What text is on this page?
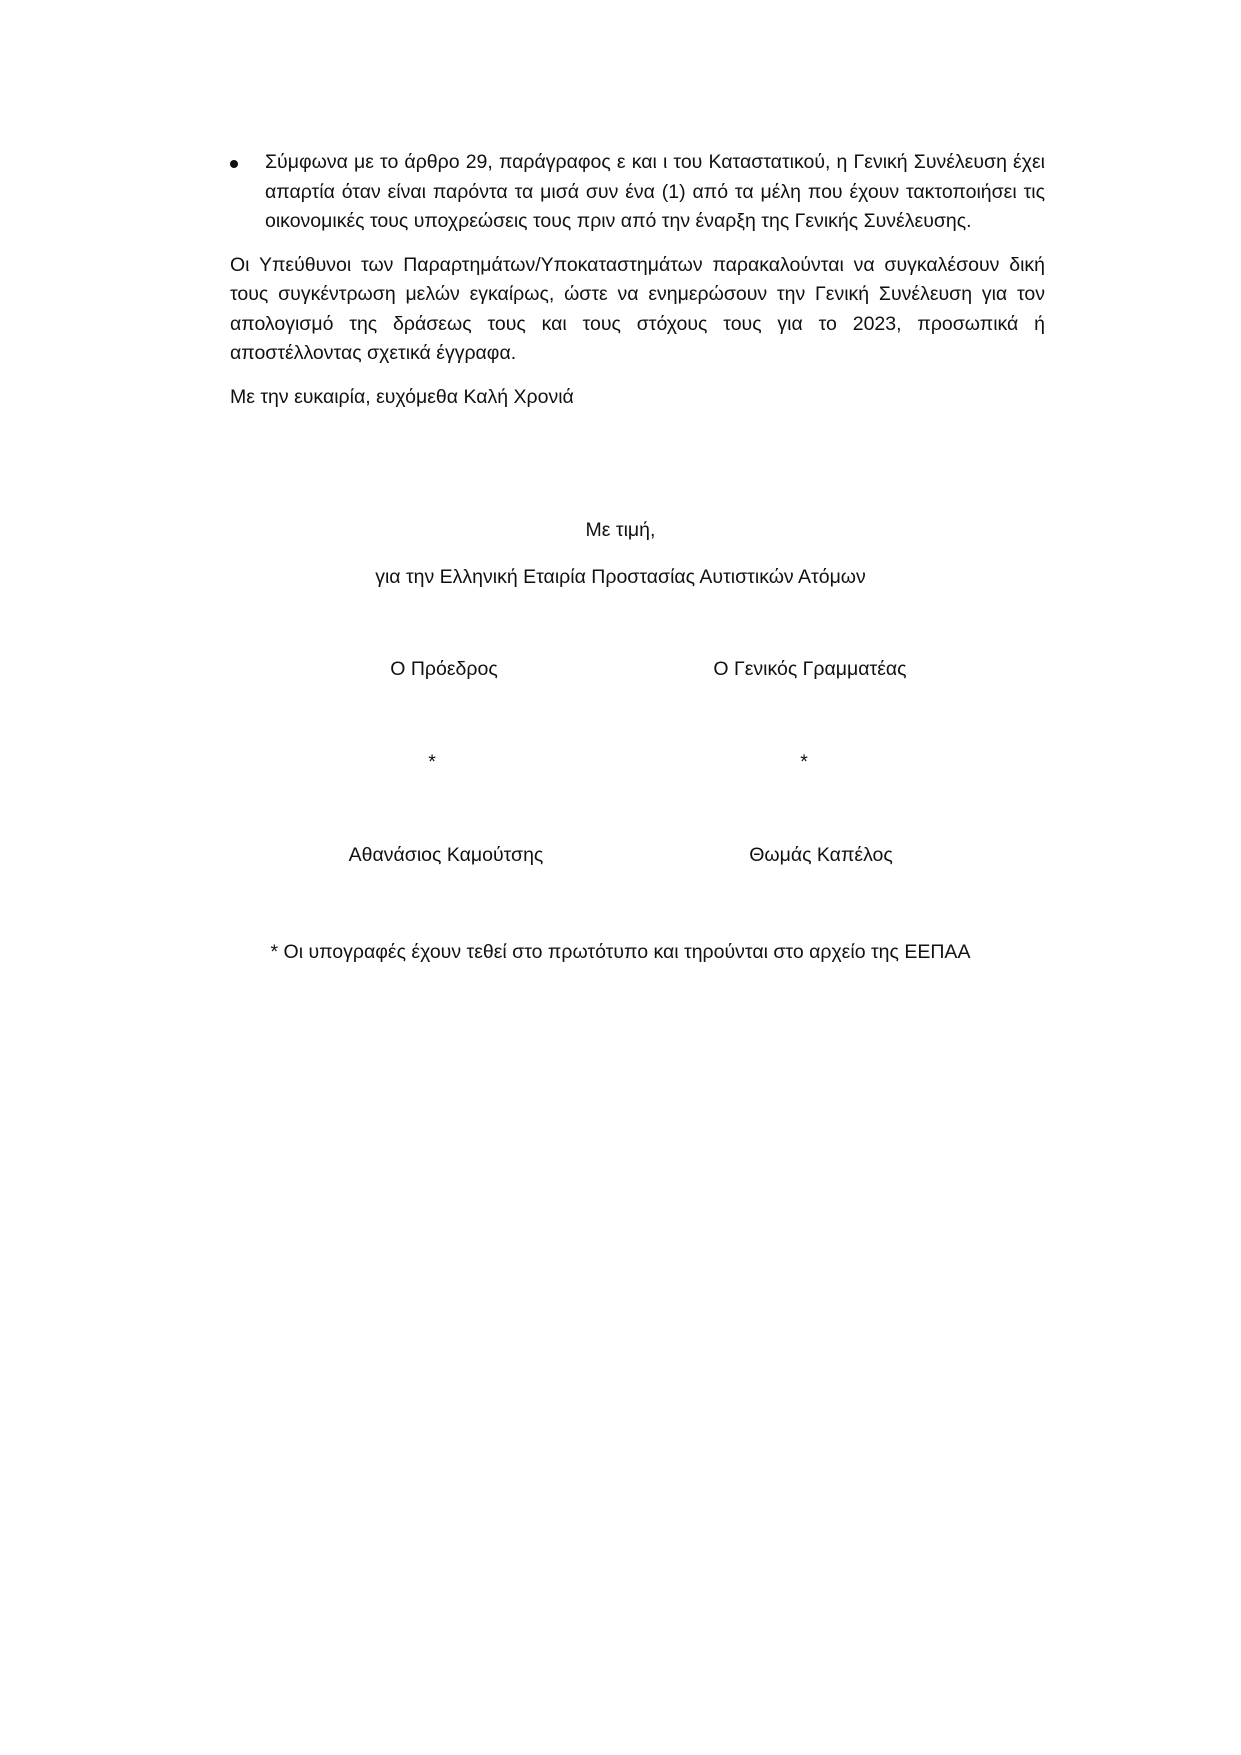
Σύμφωνα με το άρθρο 29, παράγραφος ε και ι του Καταστατικού, η Γενική Συνέλευση έχει απαρτία όταν είναι παρόντα τα μισά συν ένα (1) από τα μέλη που έχουν τακτοποιήσει τις οικονομικές τους υποχρεώσεις τους πριν από την έναρξη της Γενικής Συνέλευσης.

Οι Υπεύθυνοι των Παραρτημάτων/Υποκαταστημάτων παρακαλούνται να συγκαλέσουν δική τους συγκέντρωση μελών εγκαίρως, ώστε να ενημερώσουν την Γενική Συνέλευση για τον απολογισμό της δράσεως τους και τους στόχους τους για το 2023, προσωπικά ή αποστέλλοντας σχετικά έγγραφα.

Με την ευκαιρία, ευχόμεθα Καλή Χρονιά

Με τιμή,
για την Ελληνική Εταιρία Προστασίας Αυτιστικών Ατόμων
Ο Πρόεδρος	Ο Γενικός Γραμματέας
*	*
Αθανάσιος Καμούτσης	Θωμάς Καπέλος
* Οι υπογραφές έχουν τεθεί στο πρωτότυπο και τηρούνται στο αρχείο της ΕΕΠΑΑ
